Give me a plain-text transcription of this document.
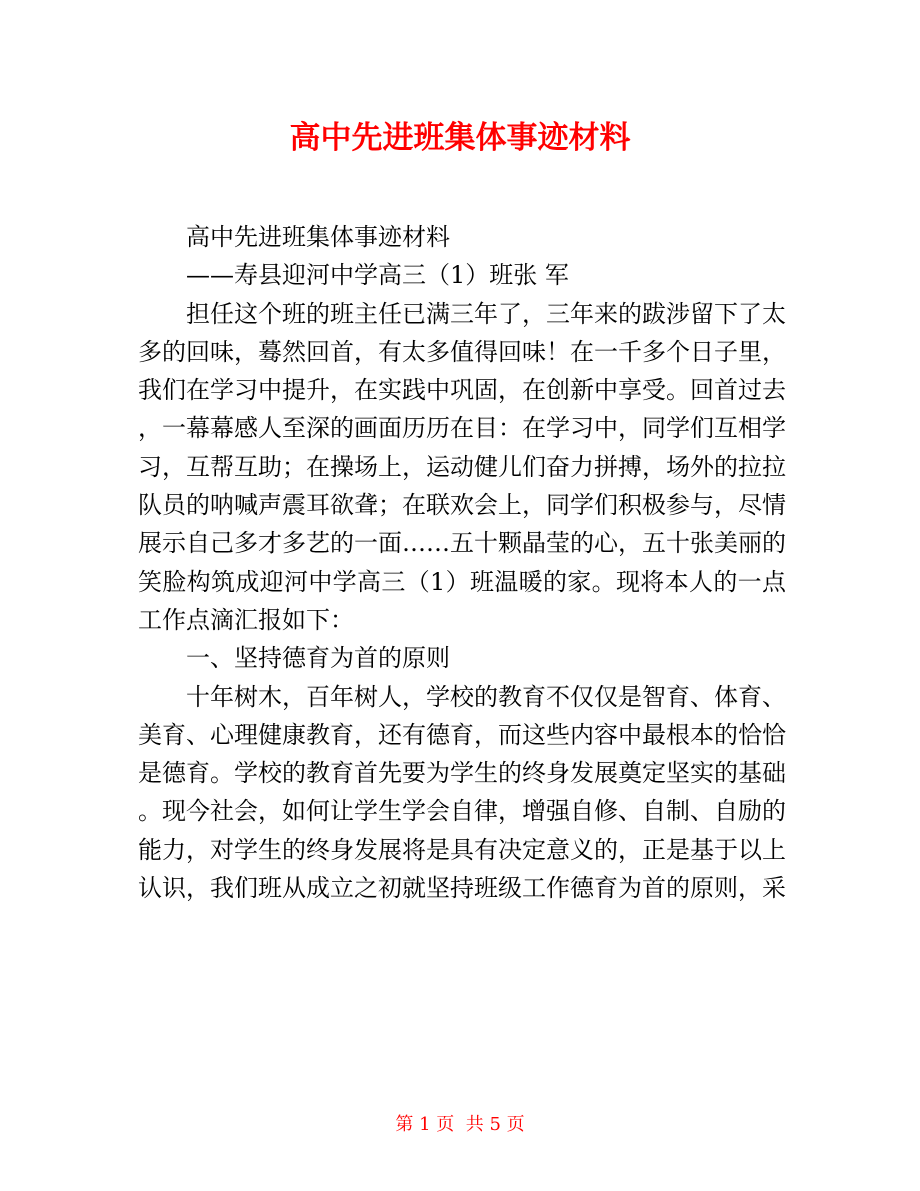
高中先进班集体事迹材料
高中先进班集体事迹材料
——寿县迎河中学高三（1）班张 军
担任这个班的班主任已满三年了，三年来的跋涉留下了太
多的回味，蓦然回首，有太多值得回味！在一千多个日子里，
我们在学习中提升，在实践中巩固，在创新中享受。回首过去
，一幕幕感人至深的画面历历在目：在学习中，同学们互相学
习，互帮互助；在操场上，运动健儿们奋力拼搏，场外的拉拉
队员的呐喊声震耳欲聋；在联欢会上，同学们积极参与，尽情
展示自己多才多艺的一面……五十颗晶莹的心，五十张美丽的
笑脸构筑成迎河中学高三（1）班温暖的家。现将本人的一点
工作点滴汇报如下：
一、坚持德育为首的原则
十年树木，百年树人，学校的教育不仅仅是智育、体育、
美育、心理健康教育，还有德育，而这些内容中最根本的恰恰
是德育。学校的教育首先要为学生的终身发展奠定坚实的基础
。现今社会，如何让学生学会自律，增强自修、自制、自励的
能力，对学生的终身发展将是具有决定意义的，正是基于以上
认识，我们班从成立之初就坚持班级工作德育为首的原则，采
第 1 页  共 5 页
